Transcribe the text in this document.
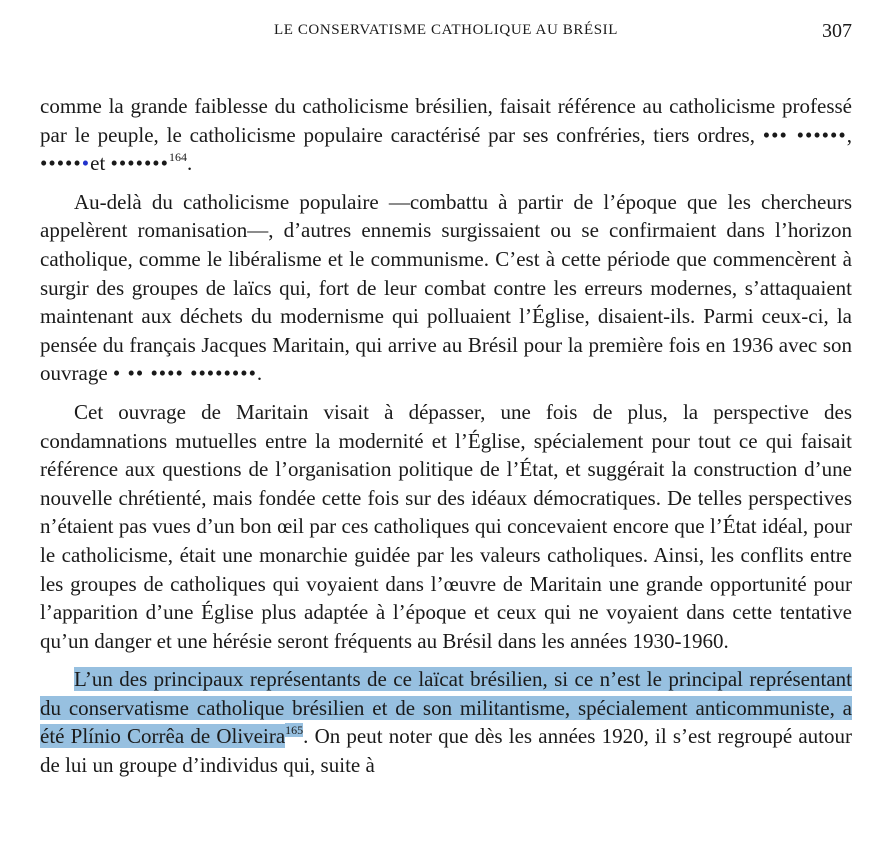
LE CONSERVATISME CATHOLIQUE AU BRÉSIL	307

comme la grande faiblesse du catholicisme brésilien, faisait référence au catholicisme professé par le peuple, le catholicisme populaire caractérisé par ses confréries, tiers ordres, ••• ••••••, ••••••et •••••••$^{164}$.

Au-delà du catholicisme populaire —combattu à partir de l’époque que les chercheurs appelèrent romanisation—, d’autres ennemis surgissaient ou se confirmaient dans l’horizon catholique, comme le libéralisme et le communisme. C’est à cette période que commencèrent à surgir des groupes de laïcs qui, fort de leur combat contre les erreurs modernes, s’attaquaient maintenant aux déchets du modernisme qui polluaient l’Église, disaient-ils. Parmi ceux-ci, la pensée du français Jacques Maritain, qui arrive au Brésil pour la première fois en 1936 avec son ouvrage • •• •••• ••••••••.

Cet ouvrage de Maritain visait à dépasser, une fois de plus, la perspective des condamnations mutuelles entre la modernité et l’Église, spécialement pour tout ce qui faisait référence aux questions de l’organisation politique de l’État, et suggérait la construction d’une nouvelle chrétienté, mais fondée cette fois sur des idéaux démocratiques. De telles perspectives n’étaient pas vues d’un bon œil par ces catholiques qui concevaient encore que l’État idéal, pour le catholicisme, était une monarchie guidée par les valeurs catholiques. Ainsi, les conflits entre les groupes de catholiques qui voyaient dans l’œuvre de Maritain une grande opportunité pour l’apparition d’une Église plus adaptée à l’époque et ceux qui ne voyaient dans cette tentative qu’un danger et une hérésie seront fréquents au Brésil dans les années 1930-1960.

L’un des principaux représentants de ce laïcat brésilien, si ce n’est le principal représentant du conservatisme catholique brésilien et de son militantisme, spécialement anticommuniste, a été Plínio Corrêa de Oliveira$^{165}$. On peut noter que dès les années 1920, il s’est regroupé autour de lui un groupe d’individus qui, suite à
